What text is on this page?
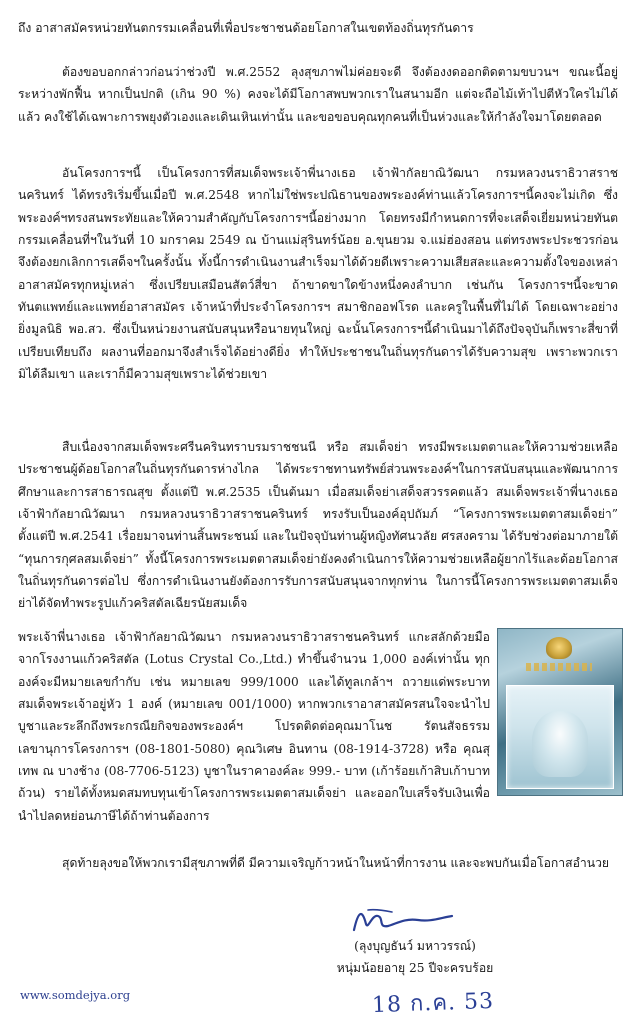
ถึง อาสาสมัครหน่วยทันตกรรมเคลื่อนที่เพื่อประชาชนด้อยโอกาสในเขตท้องถิ่นทุรกันดาร

ต้องขอบอกกล่าวก่อนว่าช่วงปี พ.ศ.2552 ลุงสุขภาพไม่ค่อยจะดี จึงต้องงดออกติดตามขบวนฯ ขณะนี้อยู่ระหว่างพักฟื้น หากเป็นปกติ (เกิน 90 %) คงจะได้มีโอกาสพบพวกเราในสนามอีก แต่จะถือไม้เท้าไปตีหัวใครไม่ได้แล้ว คงใช้ได้เฉพาะการพยุงตัวเองและเดินเหินเท่านั้น และขอขอบคุณทุกคนที่เป็นห่วงและให้กำลังใจมาโดยตลอด

อันโครงการฯนี้ เป็นโครงการที่สมเด็จพระเจ้าพี่นางเธอ เจ้าฟ้ากัลยาณิวัฒนา กรมหลวงนราธิวาสราชนครินทร์ ได้ทรงริเริ่มขึ้นเมื่อปี พ.ศ.2548 หากไม่ใช่พระปณิธานของพระองค์ท่านแล้วโครงการฯนี้คงจะไม่เกิด ซึ่งพระองค์ฯทรงสนพระทัยและให้ความสำคัญกับโครงการฯนี้อย่างมาก โดยทรงมีกำหนดการที่จะเสด็จเยี่ยมหน่วยทันตกรรมเคลื่อนที่ฯในวันที่ 10 มกราคม 2549 ณ บ้านแม่สุรินทร์น้อย อ.ขุนยวม จ.แม่ฮ่องสอน แต่ทรงพระประชวรก่อน จึงต้องยกเลิกการเสด็จฯในครั้งนั้น ทั้งนี้การดำเนินงานสำเร็จมาได้ด้วยดีเพราะความเสียสละและความตั้งใจของเหล่าอาสาสมัครทุกหมู่เหล่า ซึ่งเปรียบเสมือนสัตว์สี่ขา ถ้าขาดขาใดข้างหนึ่งคงลำบาก เช่นกัน โครงการฯนี้จะขาดทันตแพทย์และแพทย์อาสาสมัคร เจ้าหน้าที่ประจำโครงการฯ สมาชิกออฟโรด และครูในพื้นที่ไม่ได้ โดยเฉพาะอย่างยิ่งมูลนิธิ พอ.สว. ซึ่งเป็นหน่วยงานสนับสนุนหรือนายทุนใหญ่ ฉะนั้นโครงการฯนี้ดำเนินมาได้ถึงปัจจุบันก็เพราะสี่ขาที่เปรียบเทียบถึง ผลงานที่ออกมาจึงสำเร็จได้อย่างดียิ่ง ทำให้ประชาชนในถิ่นทุรกันดารได้รับความสุข เพราะพวกเรามิได้ลืมเขา และเราก็มีความสุขเพราะได้ช่วยเขา

สืบเนื่องจากสมเด็จพระศรีนครินทราบรมราชชนนี หรือ สมเด็จย่า ทรงมีพระเมตตาและให้ความช่วยเหลือประชาชนผู้ด้อยโอกาสในถิ่นทุรกันดารห่างไกล ได้พระราชทานทรัพย์ส่วนพระองค์ฯในการสนับสนุนและพัฒนาการศึกษาและการสาธารณสุข ตั้งแต่ปี พ.ศ.2535 เป็นต้นมา เมื่อสมเด็จย่าเสด็จสวรรคตแล้ว สมเด็จพระเจ้าพี่นางเธอ เจ้าฟ้ากัลยาณิวัฒนา กรมหลวงนราธิวาสราชนครินทร์ ทรงรับเป็นองค์อุปถัมภ์ “โครงการพระเมตตาสมเด็จย่า” ตั้งแต่ปี พ.ศ.2541 เรื่อยมาจนท่านสิ้นพระชนม์ และในปัจจุบันท่านผู้หญิงทัศนวลัย ศรสงคราม ได้รับช่วงต่อมาภายใต้ “ทุนการกุศลสมเด็จย่า” ทั้งนี้โครงการพระเมตตาสมเด็จย่ายังคงดำเนินการให้ความช่วยเหลือผู้ยากไร้และด้อยโอกาสในถิ่นทุรกันดารต่อไป ซึ่งการดำเนินงานยังต้องการรับการสนับสนุนจากทุกท่าน ในการนี้โครงการพระเมตตาสมเด็จย่าได้จัดทำพระรูปแก้วคริสตัลเฉียรนัยสมเด็จ

พระเจ้าพี่นางเธอ เจ้าฟ้ากัลยาณิวัฒนา กรมหลวงนราธิวาสราชนครินทร์ แกะสลักด้วยมือจากโรงงานแก้วคริสตัล (Lotus Crystal Co.,Ltd.) ทำขึ้นจำนวน 1,000 องค์เท่านั้น ทุกองค์จะมีหมายเลขกำกับ เช่น หมายเลข 999/1000 และได้ทูลเกล้าฯ ถวายแด่พระบาทสมเด็จพระเจ้าอยู่หัว 1 องค์ (หมายเลข 001/1000) หากพวกเราอาสาสมัครสนใจจะนำไปบูชาและระลึกถึงพระกรณียกิจของพระองค์ฯ โปรดติดต่อคุณมาโนช รัตนสัจธรรม เลขานุการโครงการฯ (08-1801-5080) คุณวิเศษ อินทาน (08-1914-3728) หรือ คุณสุเทพ ณ บางช้าง (08-7706-5123) บูชาในราคาองค์ละ 999.- บาท (เก้าร้อยเก้าสิบเก้าบาทถ้วน) รายได้ทั้งหมดสมทบทุนเข้าโครงการพระเมตตาสมเด็จย่า และออกใบเสร็จรับเงินเพื่อนำไปลดหย่อนภาษีได้ถ้าท่านต้องการ

สุดท้ายลุงขอให้พวกเรามีสุขภาพที่ดี มีความเจริญก้าวหน้าในหน้าที่การงาน และจะพบกันเมื่อโอกาสอำนวย

(ลุงบุญธันว์ มหาวรรณ์)
หนุ่มน้อยอายุ 25 ปีจะครบร้อย
www.somdejya.org	18 ก.ค. 53
